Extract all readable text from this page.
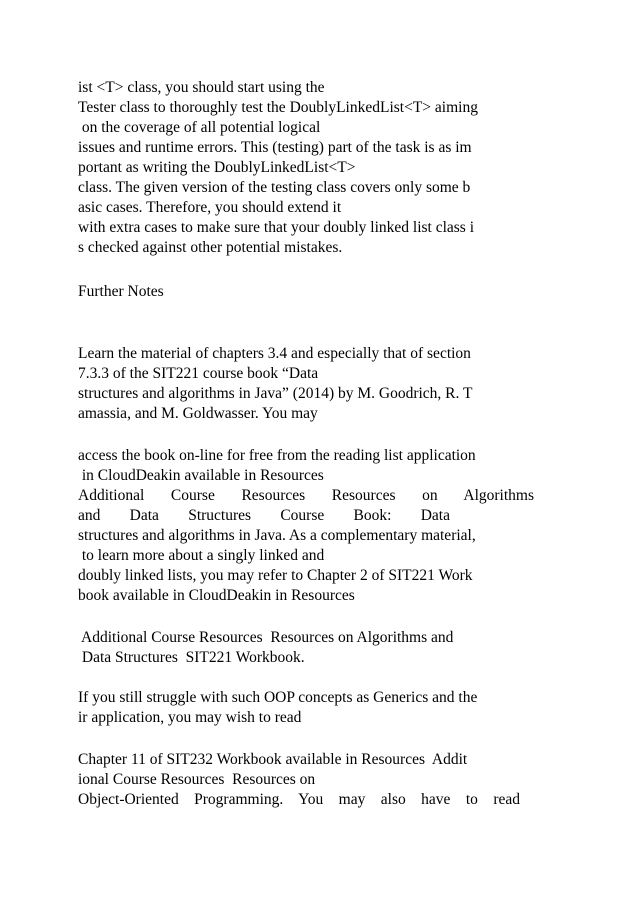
ist <T> class, you should start using the
Tester class to thoroughly test the DoublyLinkedList<T> aiming
on the coverage of all potential logical
issues and runtime errors. This (testing) part of the task is as im
portant as writing the DoublyLinkedList<T>
class. The given version of the testing class covers only some b
asic cases. Therefore, you should extend it
with extra cases to make sure that your doubly linked list class i
s checked against other potential mistakes.
Further Notes
Learn the material of chapters 3.4 and especially that of section
7.3.3 of the SIT221 course book “Data
structures and algorithms in Java” (2014) by M. Goodrich, R. T
amassia, and M. Goldwasser. You may
access the book on-line for free from the reading list application
in CloudDeakin available in Resources
Additional Course Resources Resources on Algorithms
and Data Structures Course Book: Data
structures and algorithms in Java. As a complementary material,
to learn more about a singly linked and
doubly linked lists, you may refer to Chapter 2 of SIT221 Work
book available in CloudDeakin in Resources
Additional Course Resources  Resources on Algorithms and
Data Structures  SIT221 Workbook.
If you still struggle with such OOP concepts as Generics and the
ir application, you may wish to read
Chapter 11 of SIT232 Workbook available in Resources  Addit
ional Course Resources  Resources on
Object-Oriented Programming. You may also have to read
